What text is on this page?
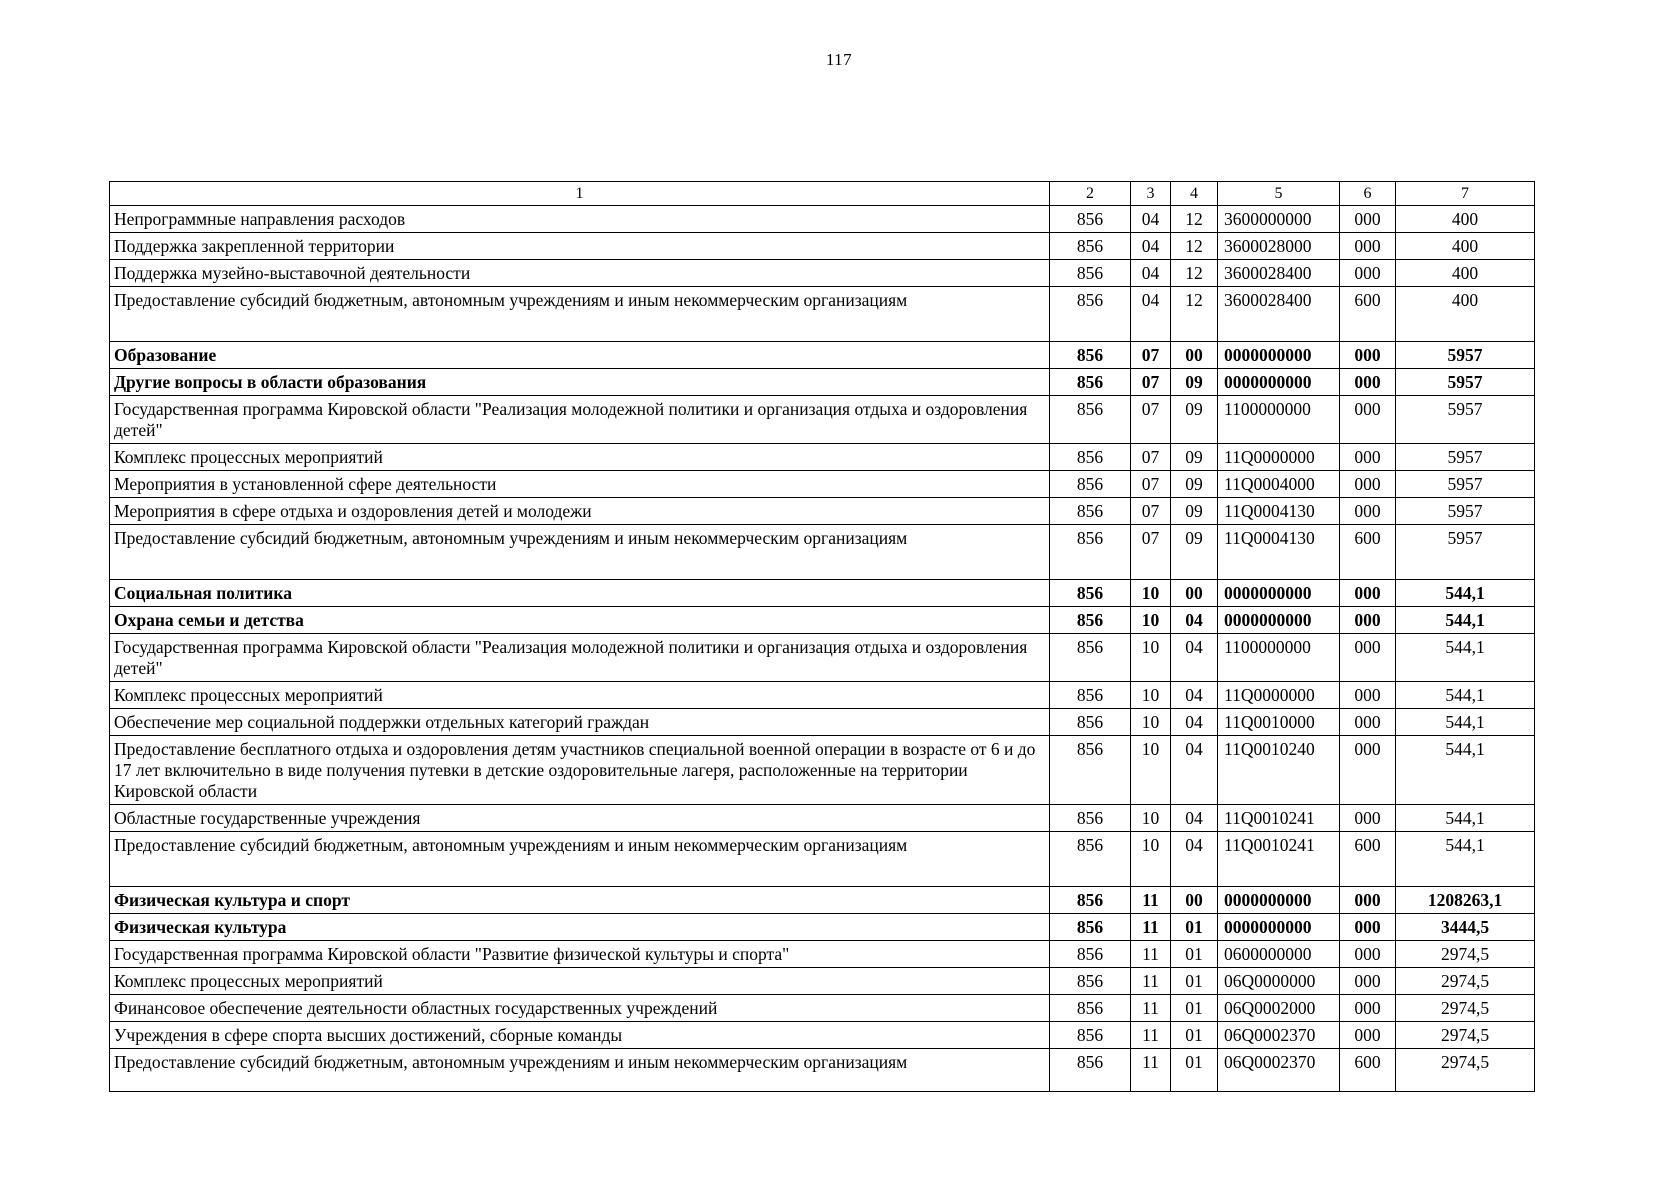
117
1	2	3	4	5	6	7
Непрограммные направления расходов	856	04	12	3600000000	000	400
Поддержка закрепленной территории	856	04	12	3600028000	000	400
Поддержка музейно-выставочной деятельности	856	04	12	3600028400	000	400
Предоставление субсидий бюджетным, автономным учреждениям и иным некоммерческим организациям	856	04	12	3600028400	600	400
Образование	856	07	00	0000000000	000	5957
Другие вопросы в области образования	856	07	09	0000000000	000	5957
Государственная программа Кировской области "Реализация молодежной политики и организация отдыха и оздоровления детей"	856	07	09	1100000000	000	5957
Комплекс процессных мероприятий	856	07	09	11Q0000000	000	5957
Мероприятия в установленной сфере деятельности	856	07	09	11Q0004000	000	5957
Мероприятия в сфере отдыха и оздоровления детей и молодежи	856	07	09	11Q0004130	000	5957
Предоставление субсидий бюджетным, автономным учреждениям и иным некоммерческим организациям	856	07	09	11Q0004130	600	5957
Социальная политика	856	10	00	0000000000	000	544,1
Охрана семьи и детства	856	10	04	0000000000	000	544,1
Государственная программа Кировской области "Реализация молодежной политики и организация отдыха и оздоровления детей"	856	10	04	1100000000	000	544,1
Комплекс процессных мероприятий	856	10	04	11Q0000000	000	544,1
Обеспечение мер социальной поддержки отдельных категорий граждан	856	10	04	11Q0010000	000	544,1
Предоставление бесплатного отдыха и оздоровления детям участников специальной военной операции в возрасте от 6 и до 17 лет включительно в виде получения путевки в детские оздоровительные лагеря, расположенные на территории Кировской области	856	10	04	11Q0010240	000	544,1
Областные государственные учреждения	856	10	04	11Q0010241	000	544,1
Предоставление субсидий бюджетным, автономным учреждениям и иным некоммерческим организациям	856	10	04	11Q0010241	600	544,1
Физическая культура и спорт	856	11	00	0000000000	000	1208263,1
Физическая культура	856	11	01	0000000000	000	3444,5
Государственная программа Кировской области "Развитие физической культуры и спорта"	856	11	01	0600000000	000	2974,5
Комплекс процессных мероприятий	856	11	01	06Q0000000	000	2974,5
Финансовое обеспечение деятельности областных государственных учреждений	856	11	01	06Q0002000	000	2974,5
Учреждения в сфере спорта высших достижений, сборные команды	856	11	01	06Q0002370	000	2974,5
Предоставление субсидий бюджетным, автономным учреждениям и иным некоммерческим организациям	856	11	01	06Q0002370	600	2974,5
